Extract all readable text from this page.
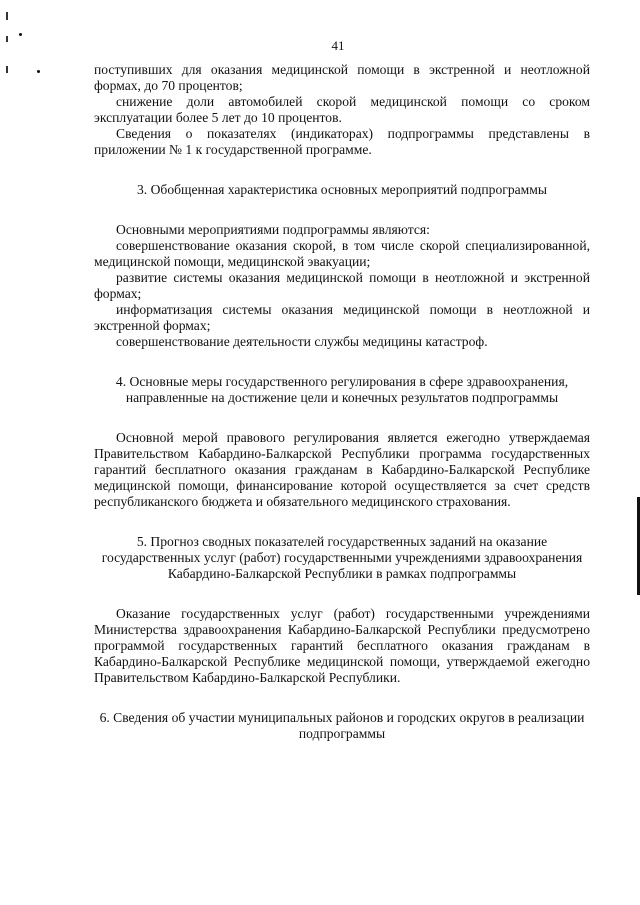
41

поступивших для оказания медицинской помощи в экстренной и неотложной формах, до 70 процентов;

снижение доли автомобилей скорой медицинской помощи со сроком эксплуатации более 5 лет до 10 процентов.

Сведения о показателях (индикаторах) подпрограммы представлены в приложении № 1 к государственной программе.

3. Обобщенная характеристика основных мероприятий подпрограммы

Основными мероприятиями подпрограммы являются:

совершенствование оказания скорой, в том числе скорой специализированной, медицинской помощи, медицинской эвакуации;

развитие системы оказания медицинской помощи в неотложной и экстренной формах;

информатизация системы оказания медицинской помощи в неотложной и экстренной формах;

совершенствование деятельности службы медицины катастроф.

4. Основные меры государственного регулирования в сфере здравоохранения, направленные на достижение цели и конечных результатов подпрограммы

Основной мерой правового регулирования является ежегодно утверждаемая Правительством Кабардино-Балкарской Республики программа государственных гарантий бесплатного оказания гражданам в Кабардино-Балкарской Республике медицинской помощи, финансирование которой осуществляется за счет средств республиканского бюджета и обязательного медицинского страхования.

5. Прогноз сводных показателей государственных заданий на оказание государственных услуг (работ) государственными учреждениями здравоохранения Кабардино-Балкарской Республики в рамках подпрограммы

Оказание государственных услуг (работ) государственными учреждениями Министерства здравоохранения Кабардино-Балкарской Республики предусмотрено программой государственных гарантий бесплатного оказания гражданам в Кабардино-Балкарской Республике медицинской помощи, утверждаемой ежегодно Правительством Кабардино-Балкарской Республики.

6. Сведения об участии муниципальных районов и городских округов в реализации подпрограммы
